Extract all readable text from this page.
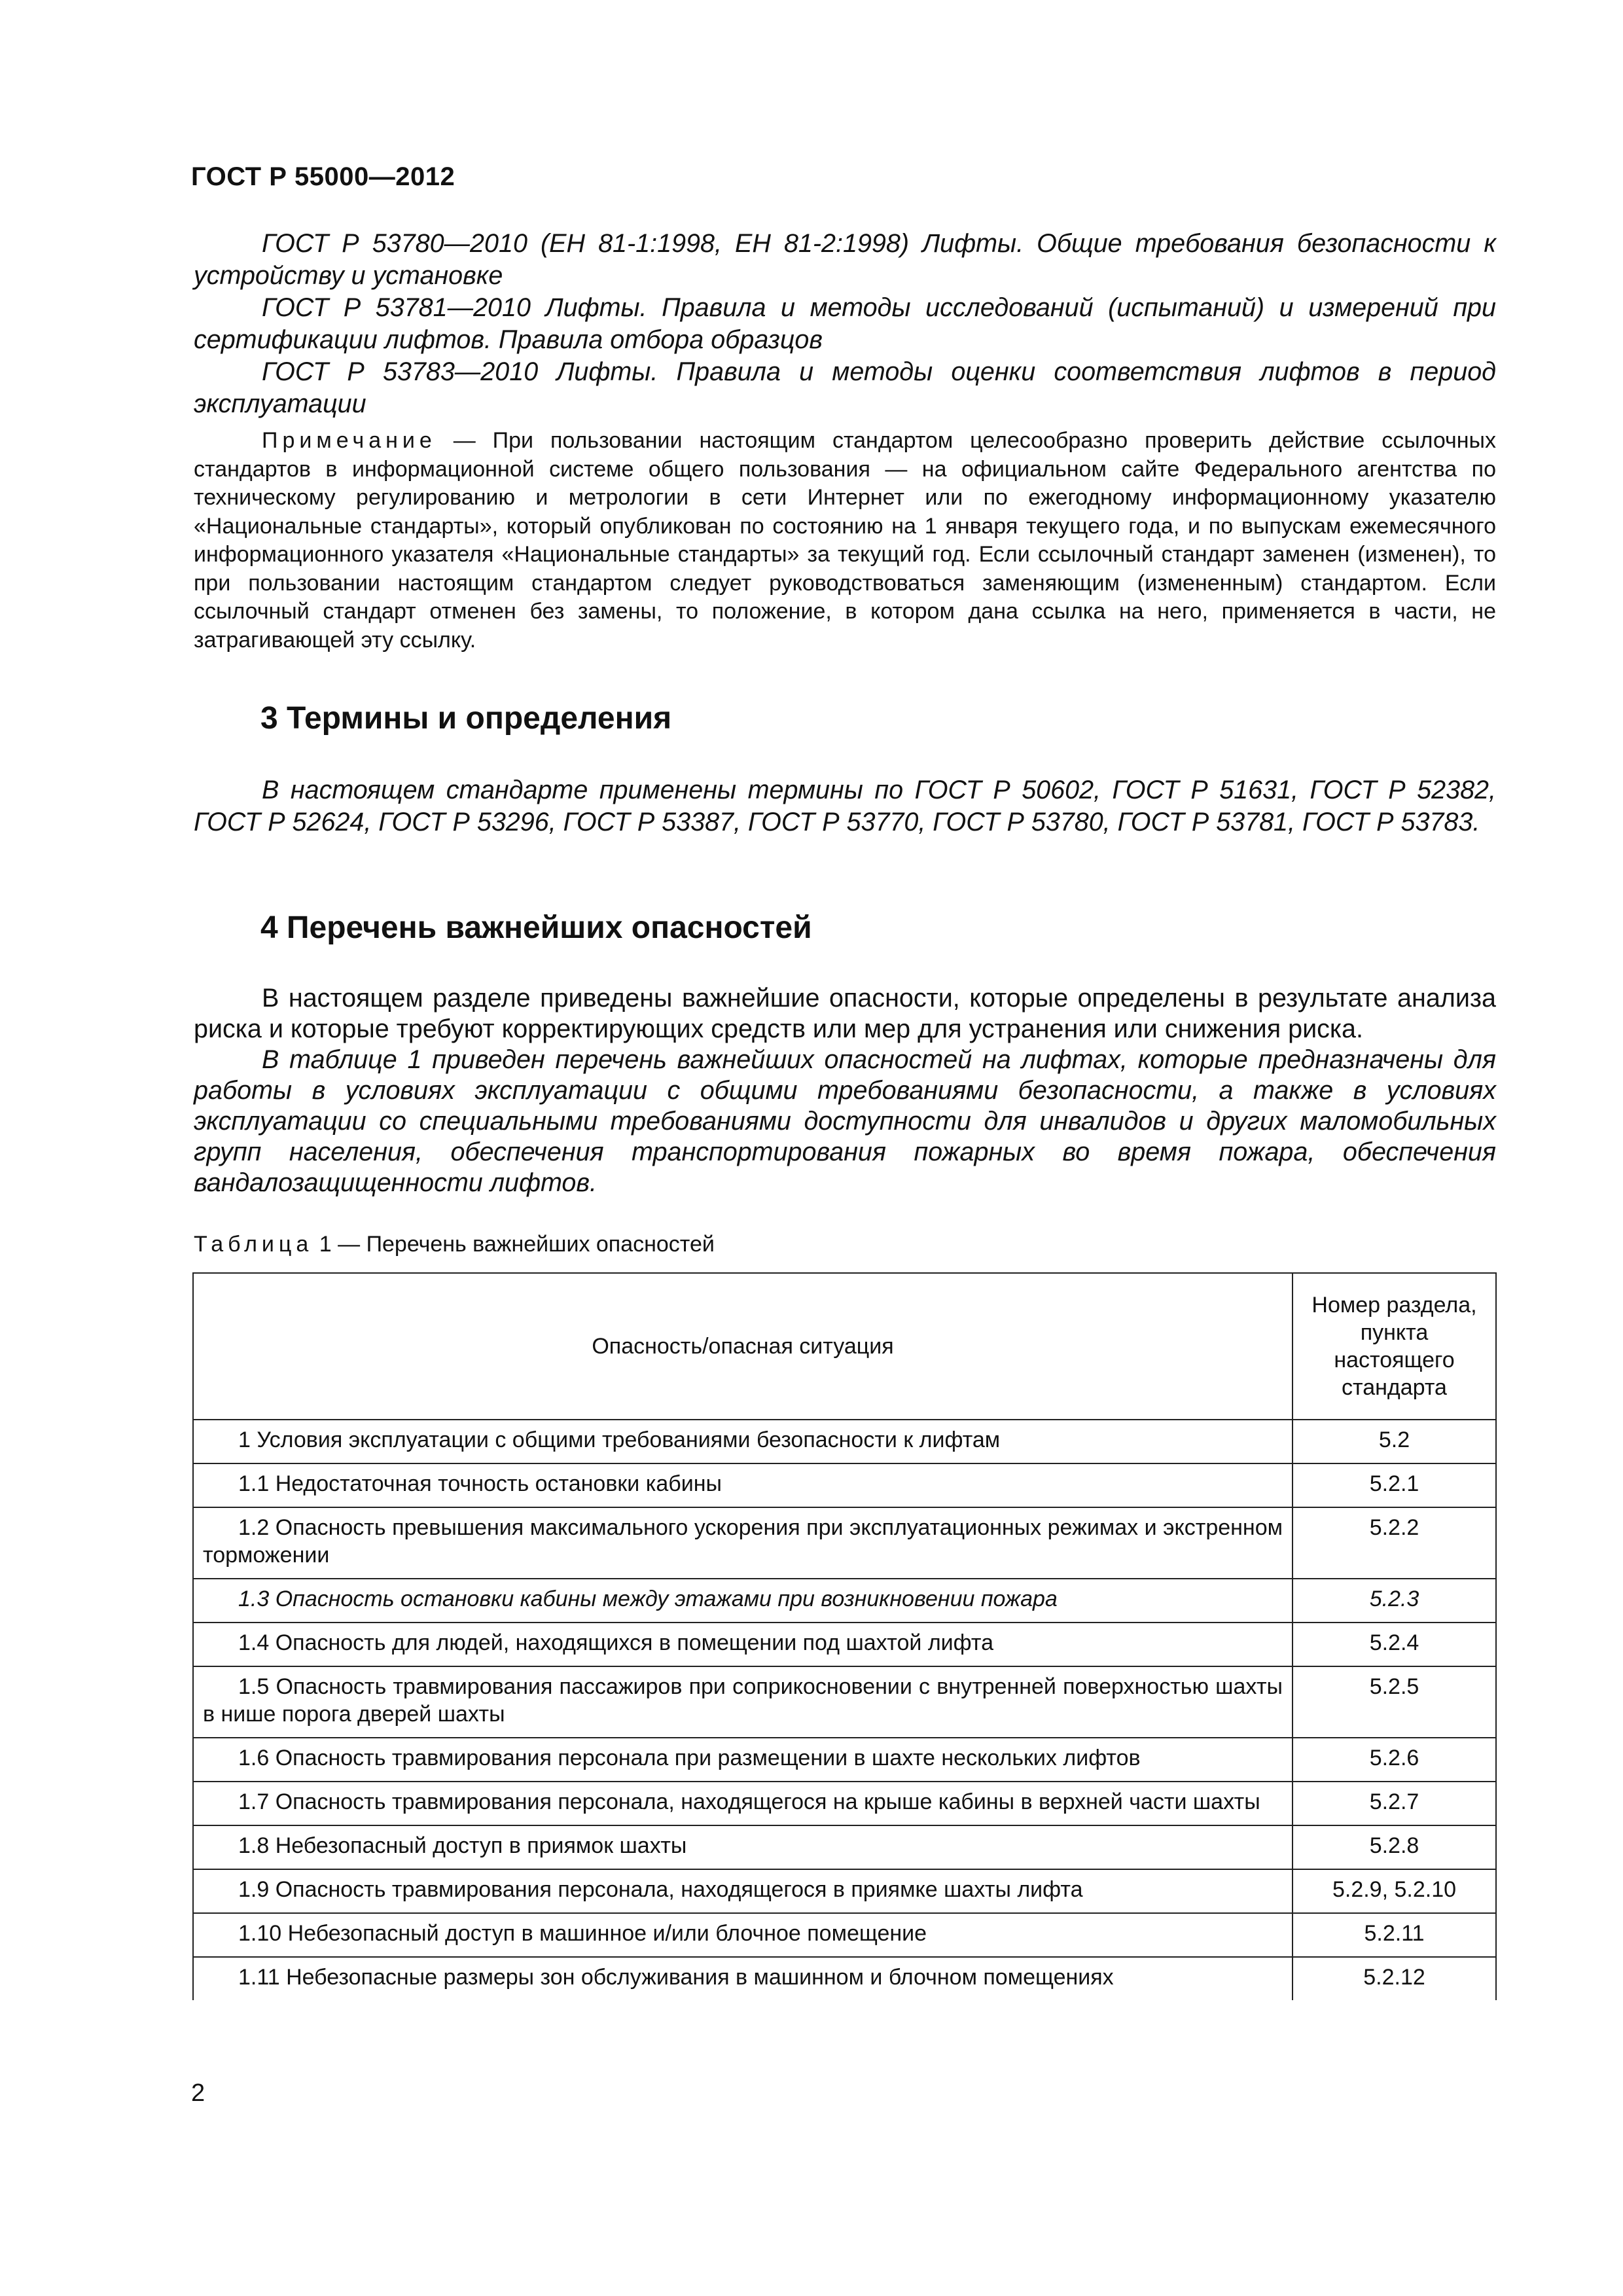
ГОСТ Р 55000—2012

ГОСТ Р 53780—2010 (ЕН 81-1:1998, ЕН 81-2:1998) Лифты. Общие требования безопасности к устройству и установке

ГОСТ Р 53781—2010 Лифты. Правила и методы исследований (испытаний) и измерений при сертификации лифтов. Правила отбора образцов

ГОСТ Р 53783—2010 Лифты. Правила и методы оценки соответствия лифтов в период эксплуатации

Примечание — При пользовании настоящим стандартом целесообразно проверить действие ссылочных стандартов в информационной системе общего пользования — на официальном сайте Федерального агентства по техническому регулированию и метрологии в сети Интернет или по ежегодному информационному указателю «Национальные стандарты», который опубликован по состоянию на 1 января текущего года, и по выпускам ежемесячного информационного указателя «Национальные стандарты» за текущий год. Если ссылочный стандарт заменен (изменен), то при пользовании настоящим стандартом следует руководствоваться заменяющим (измененным) стандартом. Если ссылочный стандарт отменен без замены, то положение, в котором дана ссылка на него, применяется в части, не затрагивающей эту ссылку.

3 Термины и определения

В настоящем стандарте применены термины по ГОСТ Р 50602, ГОСТ Р 51631, ГОСТ Р 52382, ГОСТ Р 52624, ГОСТ Р 53296, ГОСТ Р 53387, ГОСТ Р 53770, ГОСТ Р 53780, ГОСТ Р 53781, ГОСТ Р 53783.

4 Перечень важнейших опасностей

В настоящем разделе приведены важнейшие опасности, которые определены в результате анализа риска и которые требуют корректирующих средств или мер для устранения или снижения риска.

В таблице 1 приведен перечень важнейших опасностей на лифтах, которые предназначены для работы в условиях эксплуатации с общими требованиями безопасности, а также в условиях эксплуатации со специальными требованиями доступности для инвалидов и других маломобильных групп населения, обеспечения транспортирования пожарных во время пожара, обеспечения вандалозащищенности лифтов.

Таблица 1 — Перечень важнейших опасностей
Опасность/опасная ситуация	Номер раздела, пункта настоящего стандарта
1 Условия эксплуатации с общими требованиями безопасности к лифтам	5.2
1.1 Недостаточная точность остановки кабины	5.2.1
1.2 Опасность превышения максимального ускорения при эксплуатационных режимах и экстренном торможении	5.2.2
1.3 Опасность остановки кабины между этажами при возникновении пожара	5.2.3
1.4 Опасность для людей, находящихся в помещении под шахтой лифта	5.2.4
1.5 Опасность травмирования пассажиров при соприкосновении с внутренней поверхностью шахты в нише порога дверей шахты	5.2.5
1.6 Опасность травмирования персонала при размещении в шахте нескольких лифтов	5.2.6
1.7 Опасность травмирования персонала, находящегося на крыше кабины в верхней части шахты	5.2.7
1.8 Небезопасный доступ в приямок шахты	5.2.8
1.9 Опасность травмирования персонала, находящегося в приямке шахты лифта	5.2.9, 5.2.10
1.10 Небезопасный доступ в машинное и/или блочное помещение	5.2.11
1.11 Небезопасные размеры зон обслуживания в машинном и блочном помещениях	5.2.12
2
